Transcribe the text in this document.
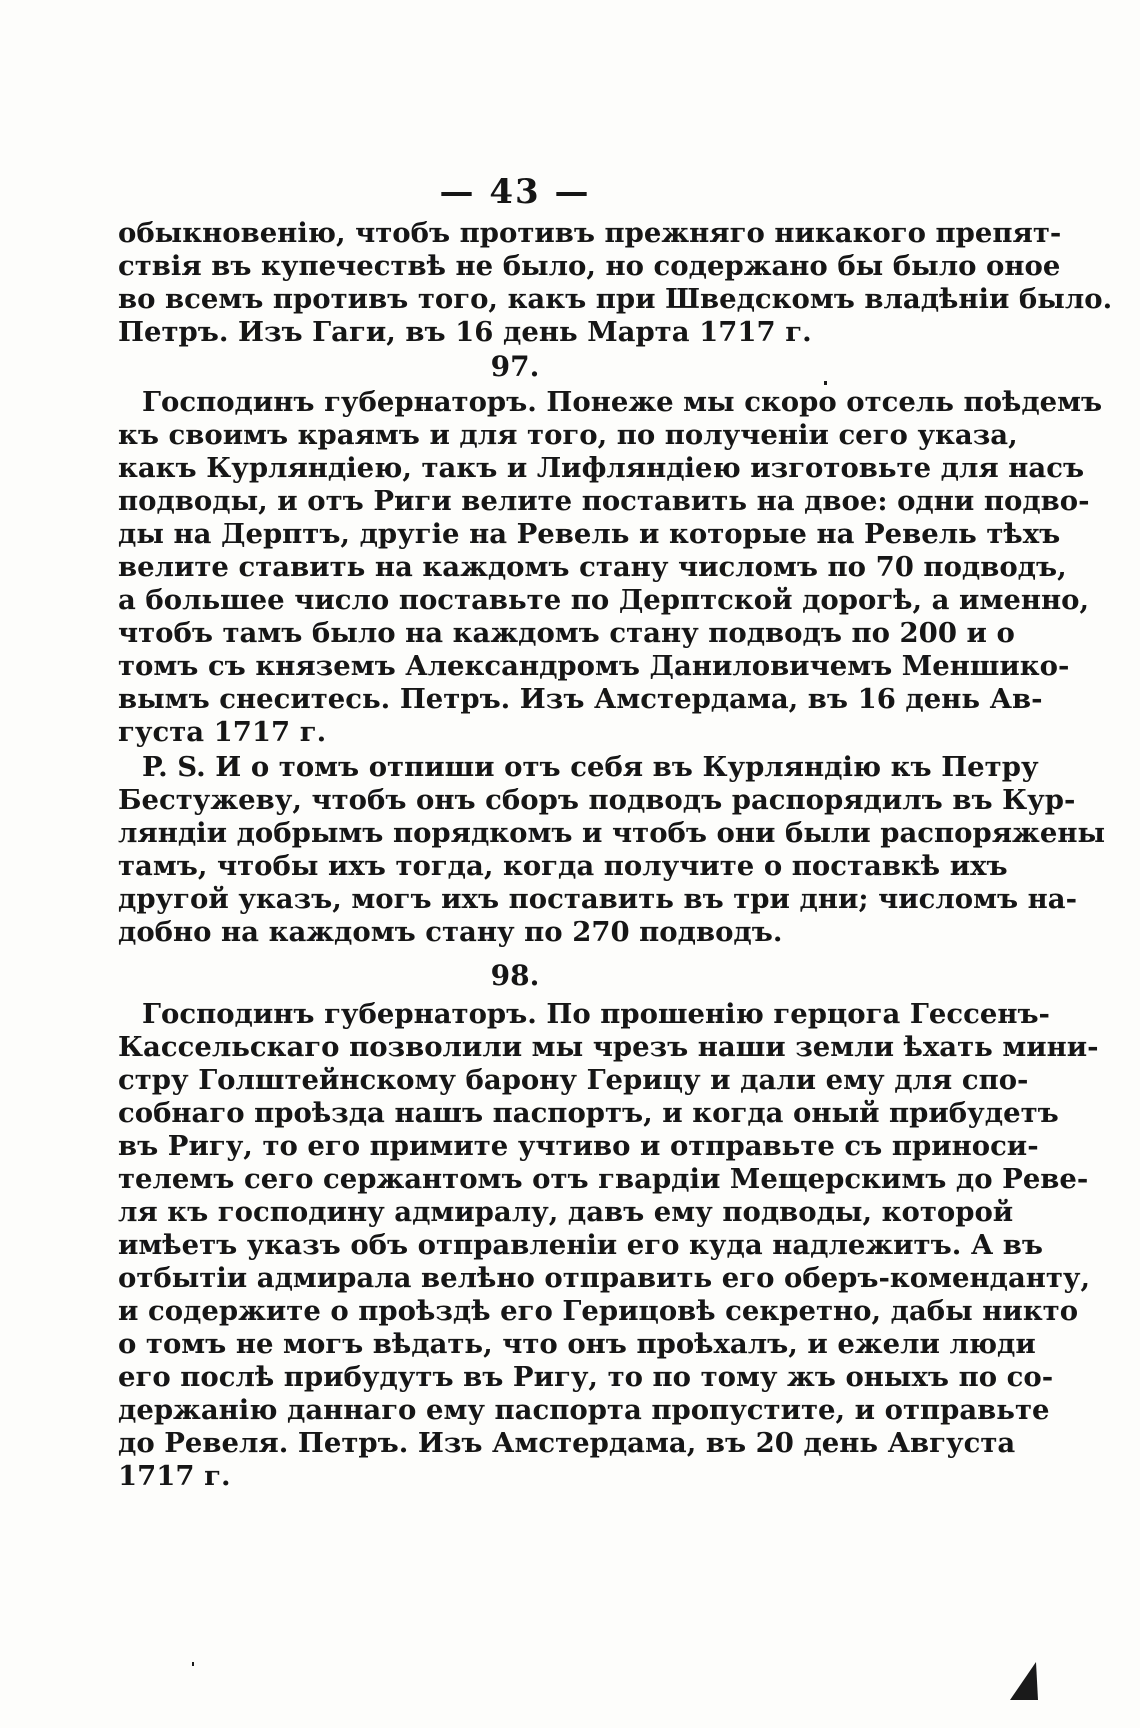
— 43 —
обыкновенію, чтобъ противъ прежняго никакого препят-
ствія въ купечествѣ не было, но содержано бы было оное
во всемъ противъ того, какъ при Шведскомъ владѣніи было.
Петръ. Изъ Гаги, въ 16 день Марта 1717 г.
97.
Господинъ губернаторъ. Понеже мы скоро отсель поѣдемъ
къ своимъ краямъ и для того, по полученіи сего указа,
какъ Курляндіею, такъ и Лифляндіею изготовьте для насъ
подводы, и отъ Риги велите поставить на двое: одни подво-
ды на Дерптъ, другіе на Ревель и которые на Ревель тѣхъ
велите ставить на каждомъ стану числомъ по 70 подводъ,
а большее число поставьте по Дерптской дорогѣ, а именно,
чтобъ тамъ было на каждомъ стану подводъ по 200 и о
томъ съ княземъ Александромъ Даниловичемъ Меншико-
вымъ снеситесь. Петръ. Изъ Амстердама, въ 16 день Ав-
густа 1717 г.
P. S. И о томъ отпиши отъ себя въ Курляндію къ Петру
Бестужеву, чтобъ онъ сборъ подводъ распорядилъ въ Кур-
ляндіи добрымъ порядкомъ и чтобъ они были распоряжены
тамъ, чтобы ихъ тогда, когда получите о поставкѣ ихъ
другой указъ, могъ ихъ поставить въ три дни; числомъ на-
добно на каждомъ стану по 270 подводъ.
98.
Господинъ губернаторъ. По прошенію герцога Гессенъ-
Кассельскаго позволили мы чрезъ наши земли ѣхать мини-
стру Голштейнскому барону Герицу и дали ему для спо-
собнаго проѣзда нашъ паспортъ, и когда оный прибудетъ
въ Ригу, то его примите учтиво и отправьте съ приноси-
телемъ сего сержантомъ отъ гвардіи Мещерскимъ до Реве-
ля къ господину адмиралу, давъ ему подводы, которой
имѣетъ указъ объ отправленіи его куда надлежитъ. А въ
отбытіи адмирала велѣно отправить его оберъ-коменданту,
и содержите о проѣздѣ его Герицовѣ секретно, дабы никто
о томъ не могъ вѣдать, что онъ проѣхалъ, и ежели люди
его послѣ прибудутъ въ Ригу, то по тому жъ оныхъ по со-
держанію даннаго ему паспорта пропустите, и отправьте
до Ревеля. Петръ. Изъ Амстердама, въ 20 день Августа
1717 г.
